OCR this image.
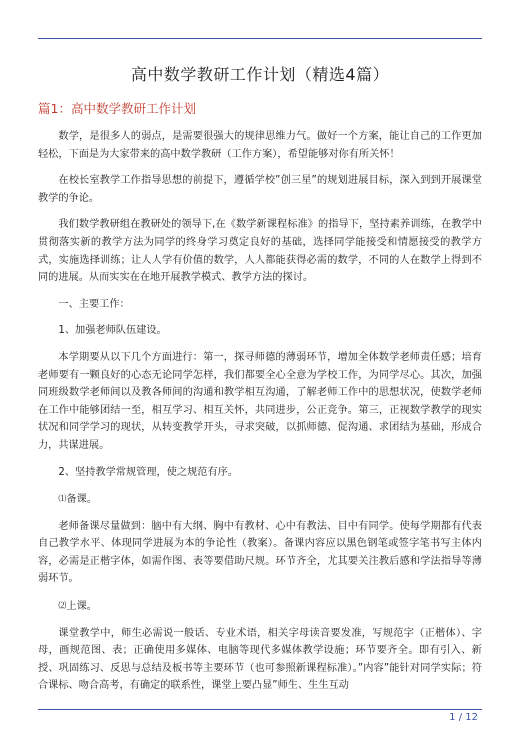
高中数学教研工作计划（精选4篇）
篇1：高中数学教研工作计划

数学，是很多人的弱点，是需要很强大的规律思维力气。做好一个方案，能让自己的工作更加轻松，下面是为大家带来的高中数学教研（工作方案），希望能够对你有所关怀！

在校长室教学工作指导思想的前提下，遵循学校”创三星”的规划进展目标，深入到到开展课堂教学的争论。

我们数学教研组在教研处的领导下,在《数学新课程标准》的指导下，坚持素养训练，在教学中贯彻落实新的教学方法为同学的终身学习奠定良好的基础，选择同学能接受和情愿接受的教学方式，实施选择训练；让人人学有价值的数学，人人都能获得必需的数学，不同的人在数学上得到不同的进展。从而实实在在地开展教学模式、教学方法的探讨。

一、主要工作：

1、加强老师队伍建设。

本学期要从以下几个方面进行：第一，探寻师德的薄弱环节，增加全体数学老师责任感；培育老师要有一颗良好的心态无论同学怎样，我们都要全心全意为学校工作，为同学尽心。其次，加强同班级数学老师间以及教各师间的沟通和教学相互沟通，了解老师工作中的思想状况，使数学老师在工作中能够团结一至，相互学习、相互关怀，共同进步，公正竞争。第三，正视数学教学的现实状况和同学学习的现状，从转变教学开头，寻求突破，以抓师德、促沟通、求团结为基础，形成合力，共谋进展。

2、坚持教学常规管理，使之规范有序。

⑴备课。

老师备课尽量做到：脑中有大纲、胸中有教材、心中有教法、目中有同学。使每学期都有代表自己教学水平、体现同学进展为本的争论性（教案）。备课内容应以黑色钢笔或签字笔书写主体内容，必需是正楷字体，如需作图、表等要借助尺规。环节齐全，尤其要关注教后感和学法指导等薄弱环节。

⑵上课。

课堂教学中，师生必需说一般话、专业术语，相关字母读音要发准，写规范字（正楷体）、字母，画规范图、表；正确使用多媒体、电脑等现代多媒体教学设施；环节要齐全。即有引入、新授、巩固练习、反思与总结及板书等主要环节（也可参照新课程标准）。”内容”能针对同学实际；符合课标、吻合高考，有确定的联系性，课堂上要凸显”师生、生生互动

1 / 12
